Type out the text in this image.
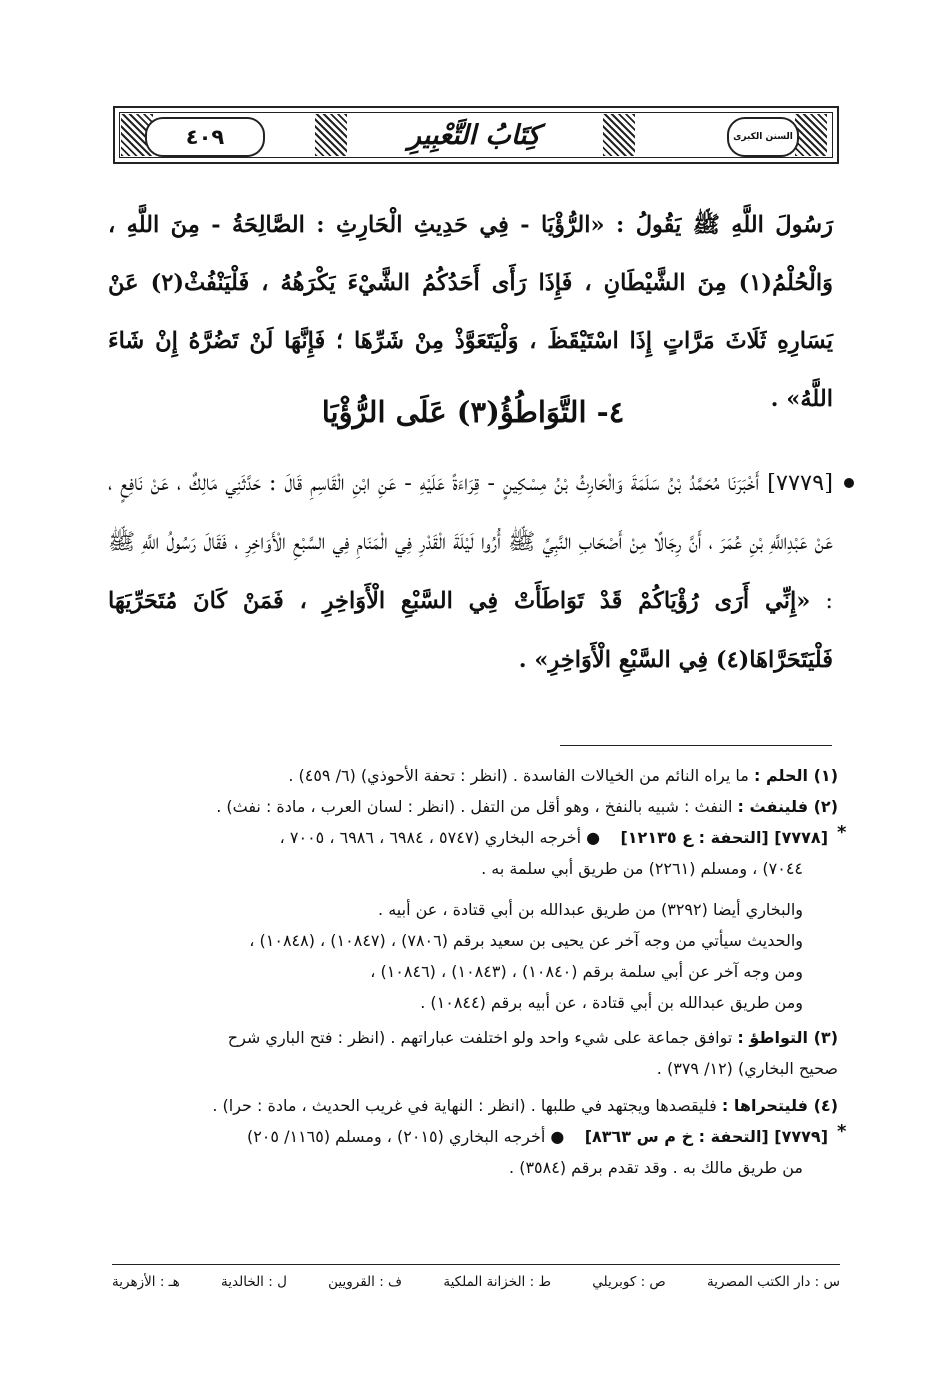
٤٠٩	كِتَابُ التَّعْبِيرِ	السنن الكبرى
رَسُولَ اللَّهِ ﷺ يَقُولُ : «الرُّؤْيَا - فِي حَدِيثِ الْحَارِثِ : الصَّالِحَةُ - مِنَ اللَّهِ ، وَالْحُلْمُ(١) مِنَ الشَّيْطَانِ ، فَإِذَا رَأَى أَحَدُكُمُ الشَّيْءَ يَكْرَهُهُ ، فَلْيَنْفُثْ(٢) عَنْ يَسَارِهِ ثَلَاثَ مَرَّاتٍ إِذَا اسْتَيْقَظَ ، وَلْيَتَعَوَّذْ مِنْ شَرِّهَا ؛ فَإِنَّهَا لَنْ تَضُرَّهُ إِنْ شَاءَ اللَّهُ» .
٤- التَّوَاطُؤُ(٣) عَلَى الرُّؤْيَا
[٧٧٧٩] أَخْبَرَنَا مُحَمَّدُ بْنُ سَلَمَةَ وَالْحَارِثُ بْنُ مِسْكِينٍ - قِرَاءَةً عَلَيْهِ - عَنِ ابْنِ الْقَاسِمِ قَالَ : حَدَّثَنِي مَالِكٌ ، عَنْ نَافِعٍ ، عَنْ عَبْدِاللَّهِ بْنِ عُمَرَ ، أَنَّ رِجَالًا مِنْ أَصْحَابِ النَّبِيِّ ﷺ أُرُوا لَيْلَةَ الْقَدْرِ فِي الْمَنَامِ فِي السَّبْعِ الْأَوَاخِرِ ، فَقَالَ رَسُولُ اللَّهِ ﷺ : «إِنِّي أَرَى رُؤْيَاكُمْ قَدْ تَوَاطَأَتْ فِي السَّبْعِ الْأَوَاخِرِ ، فَمَنْ كَانَ مُتَحَرِّيَهَا فَلْيَتَحَرَّاهَا(٤) فِي السَّبْعِ الْأَوَاخِرِ» .
(١) الحلم : ما يراه النائم من الخيالات الفاسدة . (انظر : تحفة الأحوذي) (٦/ ٤٥٩) .
(٢) فلينفث : النفث : شبيه بالنفخ ، وهو أقل من التفل . (انظر : لسان العرب ، مادة : نفث) .
*
[٧٧٧٨] [التحفة : ع ١٢١٣٥]    ● أخرجه البخاري (٥٧٤٧ ، ٦٩٨٤ ، ٦٩٨٦ ، ٧٠٠٥ ،
٧٠٤٤) ، ومسلم (٢٢٦١) من طريق أبي سلمة به .
والبخاري أيضا (٣٢٩٢) من طريق عبدالله بن أبي قتادة ، عن أبيه .
والحديث سيأتي من وجه آخر عن يحيى بن سعيد برقم (٧٨٠٦) ، (١٠٨٤٧) ، (١٠٨٤٨) ،
ومن وجه آخر عن أبي سلمة برقم (١٠٨٤٠) ، (١٠٨٤٣) ، (١٠٨٤٦) ،
ومن طريق عبدالله بن أبي قتادة ، عن أبيه برقم (١٠٨٤٤) .
(٣) التواطؤ : توافق جماعة على شيء واحد ولو اختلفت عباراتهم . (انظر : فتح الباري شرح
صحيح البخاري) (١٢/ ٣٧٩) .
(٤) فليتحراها : فليقصدها ويجتهد في طلبها . (انظر : النهاية في غريب الحديث ، مادة : حرا) .
*
[٧٧٧٩] [التحفة : خ م س ٨٣٦٣]    ● أخرجه البخاري (٢٠١٥) ، ومسلم (١١٦٥/ ٢٠٥)
من طريق مالك به . وقد تقدم برقم (٣٥٨٤) .
س : دار الكتب المصرية
ص : كوبريلي
ط : الخزانة الملكية
ف : القرويين
ل : الخالدية
هـ : الأزهرية
